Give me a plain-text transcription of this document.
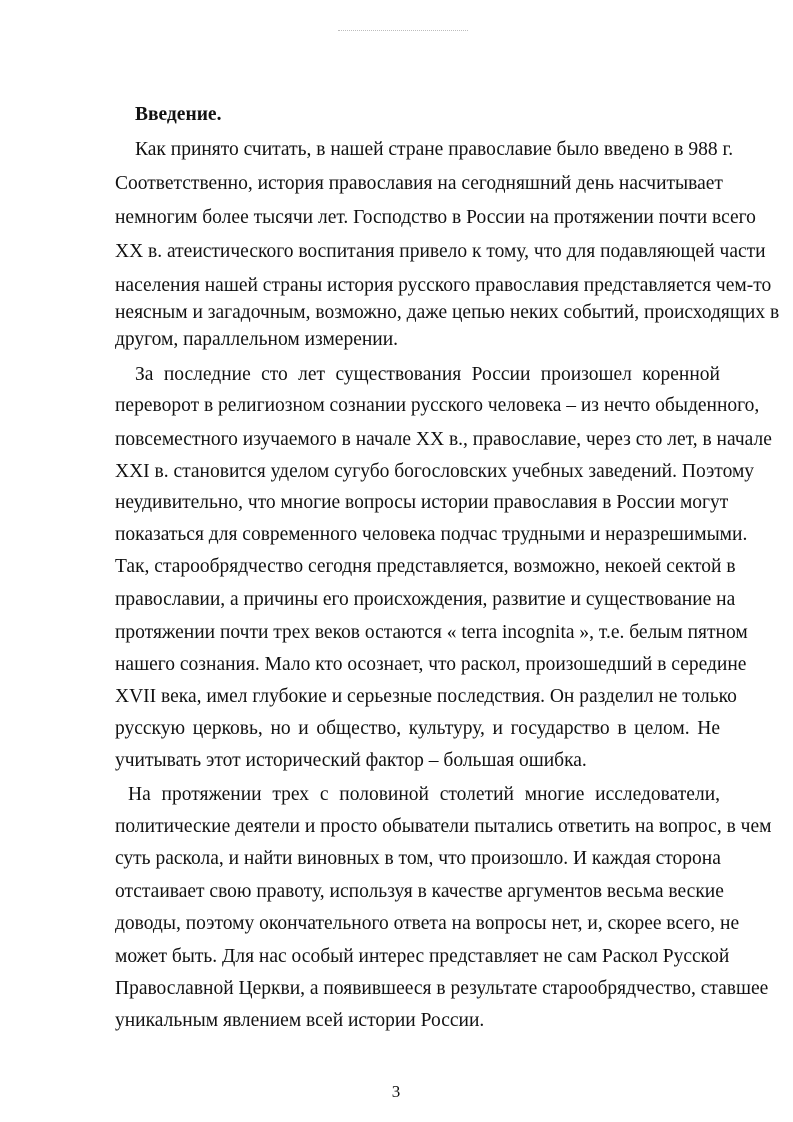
Введение.
Как принято считать, в нашей стране православие было введено в 988 г.
Соответственно, история православия на сегодняшний день насчитывает
немногим более тысячи лет. Господство в России на протяжении почти всего
XX в. атеистического воспитания привело к тому, что для подавляющей части
населения нашей страны история русского православия представляется чем-то
неясным и загадочным, возможно, даже цепью неких событий, происходящих в
другом, параллельном измерении.
За последние сто лет существования России произошел коренной
переворот в религиозном сознании русского человека – из нечто обыденного,
повсеместного изучаемого в начале XX в., православие, через сто лет, в начале
XXI в. становится уделом сугубо богословских учебных заведений. Поэтому
неудивительно, что многие вопросы истории православия в России могут
показаться для современного человека подчас трудными и неразрешимыми.
Так, старообрядчество сегодня представляется, возможно, некоей сектой в
православии, а причины его происхождения, развитие и существование на
протяжении почти трех веков остаются « terra incognita », т.е. белым пятном
нашего сознания. Мало кто осознает, что раскол, произошедший в середине
XVII века, имел глубокие и серьезные последствия. Он разделил не только
русскую церковь, но и общество, культуру, и государство в целом. Не
учитывать этот исторический фактор – большая ошибка.
На протяжении трех с половиной столетий многие исследователи,
политические деятели и просто обыватели пытались ответить на вопрос, в чем
суть раскола, и найти виновных в том, что произошло. И каждая сторона
отстаивает свою правоту, используя в качестве аргументов весьма веские
доводы, поэтому окончательного ответа на вопросы нет, и, скорее всего, не
может быть. Для нас особый интерес представляет не сам Раскол Русской
Православной Церкви, а появившееся в результате старообрядчество, ставшее
уникальным явлением всей истории России.
3
